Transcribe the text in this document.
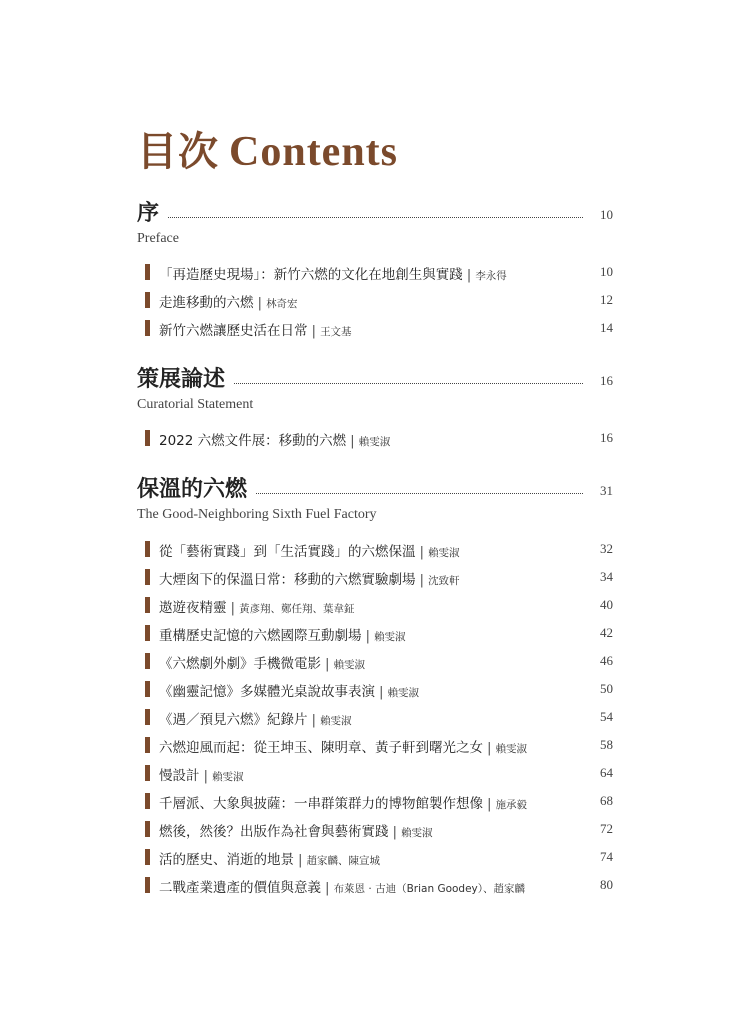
目次 Contents
序	10
Preface
「再造歷史現場」：新竹六燃的文化在地創生與實踐 | 李永得	10
走進移動的六燃 | 林奇宏	12
新竹六燃讓歷史活在日常 | 王文基	14
策展論述	16
Curatorial Statement
2022 六燃文件展：移動的六燃 | 賴雯淑	16
保溫的六燃	31
The Good-Neighboring Sixth Fuel Factory
從「藝術實踐」到「生活實踐」的六燃保溫 | 賴雯淑	32
大煙囪下的保溫日常：移動的六燃實驗劇場 | 沈致軒	34
遨遊夜精靈 | 黃彥翔、鄭任翔、葉韋鉦	40
重構歷史記憶的六燃國際互動劇場 | 賴雯淑	42
《六燃劇外劇》手機微電影 | 賴雯淑	46
《幽靈記憶》多媒體光桌說故事表演 | 賴雯淑	50
《遇／預見六燃》紀錄片 | 賴雯淑	54
六燃迎風而起：從王坤玉、陳明章、黃子軒到曙光之女 | 賴雯淑	58
慢設計 | 賴雯淑	64
千層派、大象與披薩：一串群策群力的博物館製作想像 | 施承毅	68
燃後，然後？出版作為社會與藝術實踐 | 賴雯淑	72
活的歷史、消逝的地景 | 趙家麟、陳宣城	74
二戰產業遺產的價值與意義 | 布萊恩 ‧ 古迪（Brian Goodey）、趙家麟	80
